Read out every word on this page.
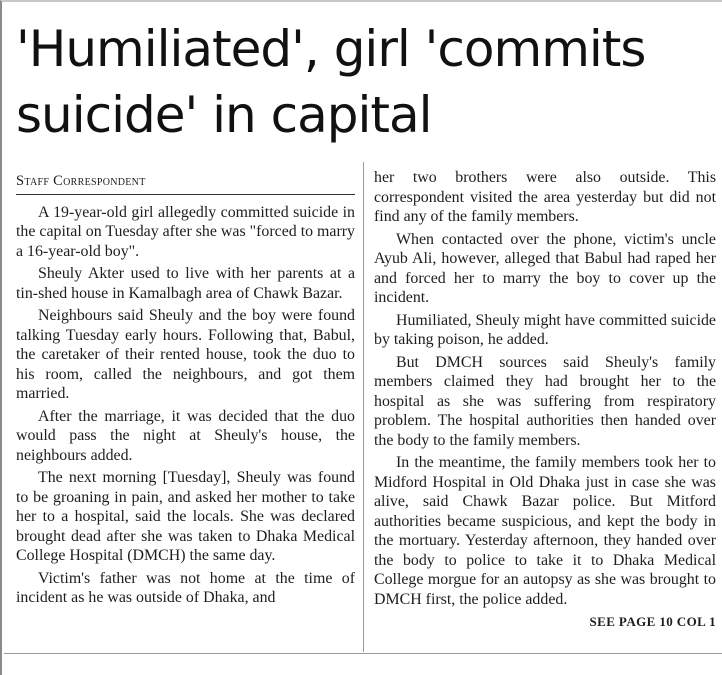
'Humiliated', girl 'commits suicide' in capital
Staff Correspondent

A 19-year-old girl allegedly committed suicide in the capital on Tuesday after she was "forced to marry a 16-year-old boy".

Sheuly Akter used to live with her parents at a tin-shed house in Kamalbagh area of Chawk Bazar.

Neighbours said Sheuly and the boy were found talking Tuesday early hours. Following that, Babul, the caretaker of their rented house, took the duo to his room, called the neighbours, and got them married.

After the marriage, it was decided that the duo would pass the night at Sheuly's house, the neighbours added.

The next morning [Tuesday], Sheuly was found to be groaning in pain, and asked her mother to take her to a hospital, said the locals. She was declared brought dead after she was taken to Dhaka Medical College Hospital (DMCH) the same day.

Victim's father was not home at the time of incident as he was outside of Dhaka, and

her two brothers were also outside. This correspondent visited the area yesterday but did not find any of the family members.

When contacted over the phone, victim's uncle Ayub Ali, however, alleged that Babul had raped her and forced her to marry the boy to cover up the incident.

Humiliated, Sheuly might have committed suicide by taking poison, he added.

But DMCH sources said Sheuly's family members claimed they had brought her to the hospital as she was suffering from respiratory problem. The hospital authorities then handed over the body to the family members.

In the meantime, the family members took her to Midford Hospital in Old Dhaka just in case she was alive, said Chawk Bazar police. But Mitford authorities became suspicious, and kept the body in the mortuary. Yesterday afternoon, they handed over the body to police to take it to Dhaka Medical College morgue for an autopsy as she was brought to DMCH first, the police added.

SEE PAGE 10 COL 1
